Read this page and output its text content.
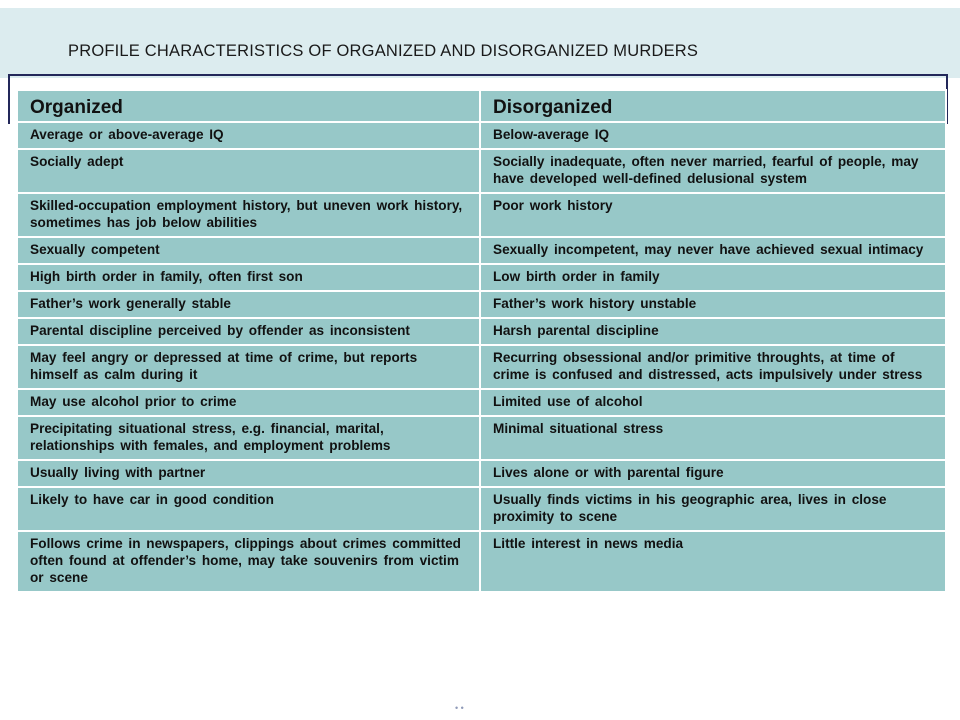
PROFILE CHARACTERISTICS OF ORGANIZED AND DISORGANIZED MURDERS
Organized	Disorganized
Average or above-average IQ	Below-average IQ
Socially adept	Socially inadequate, often never married, fearful of people, may have developed well-defined delusional system
Skilled-occupation employment history, but uneven work history, sometimes has job below abilities	Poor work history
Sexually competent	Sexually incompetent, may never have achieved sexual intimacy
High birth order in family, often first son	Low birth order in family
Father’s work generally stable	Father’s work history unstable
Parental discipline perceived by offender as inconsistent	Harsh parental discipline
May feel angry or depressed at time of crime, but reports himself as calm during it	Recurring obsessional and/or primitive throughts, at time of crime is confused and distressed, acts impulsively under stress
May use alcohol prior to crime	Limited use of alcohol
Precipitating situational stress, e.g. financial, marital, relationships with females, and employment problems	Minimal situational stress
Usually living with partner	Lives alone or with parental figure
Likely to have car in good condition	Usually finds victims in his geographic area, lives in close proximity to scene
Follows crime in newspapers, clippings about crimes committed often found at offender’s home, may take souvenirs from victim or scene	Little interest in news media
• •
